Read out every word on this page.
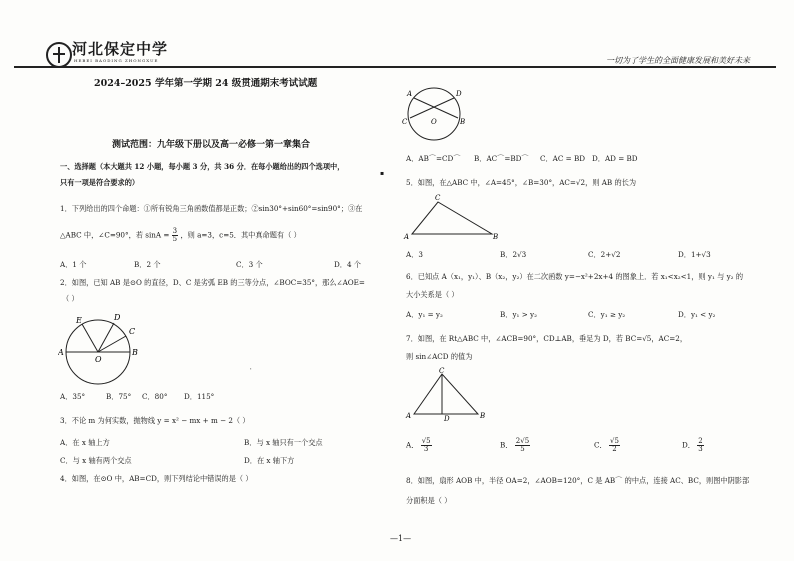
河北保定中学
HEBEI BAODING ZHONGXUE	一切为了学生的全面健康发展和美好未来
2024–2025 学年第一学期 24 级贯通期末考试试题
测试范围：九年级下册以及高一必修一第一章集合
一、选择题（本大题共 12 小题，每小题 3 分，共 36 分．在每小题给出的四个选项中，
只有一项是符合要求的）
1．下列给出的四个命题：①所有锐角三角函数值都是正数；②sin30°+sin60°=sin90°；③在
△ABC 中，∠C=90°，若 $\sin A = \frac{3}{5}$ ，则 a=3，c=5．其中真命题有（ ）
A．1 个	B．2 个	C．3 个	D．4 个
2．如图，已知 AB 是⊙O 的直径，D、C 是劣弧 EB 的三等分点，∠BOC=35°，那么∠AOE=
（ ）
E	D
C
A
O
B
ˈ
A．35°	B．75° C．80° D．115°
3．不论 m 为何实数，抛物线 y = x² − mx + m − 2（ ）
A．在 x 轴上方	B．与 x 轴只有一个交点
C．与 x 轴有两个交点	D．在 x 轴下方
4．如图，在⊙O 中，AB=CD，则下列结论中错误的是（ ）
A	D
B
C	O
A．AB⌒=CD⌒ B．AC⌒=BD⌒ C．AC = BD D．AD = BD
▪
5．如图，在△ABC 中，∠A=45°，∠B=30°，AC=√2，则 AB 的长为
C
A	B
A．3	B．2√3	C．2+√2	D．1+√3
6．已知点 A（x₁，y₁）、B（x₂，y₂）在二次函数 y=−x²+2x+4 的图象上．若 x₁<x₂<1，则 y₁ 与 y₂ 的
大小关系是（ ）
A．y₁ = y₂	B．y₁ > y₂	C．y₁ ≥ y₂	D．y₁ < y₂
7．如图，在 Rt△ABC 中，∠ACB=90°，CD⊥AB，垂足为 D，若 BC=√5，AC=2，
则 sin∠ACD 的值为
C
A	D	B
A． $\frac{√5}{3}$	B． $\frac{2√5}{5}$	C． $\frac{√5}{2}$	D． $\frac{2}{3}$
8．如图，扇形 AOB 中，半径 OA=2，∠AOB=120°，C 是 AB⌒ 的中点，连接 AC、BC，则图中阴影部
分面积是（ ）
—1—
